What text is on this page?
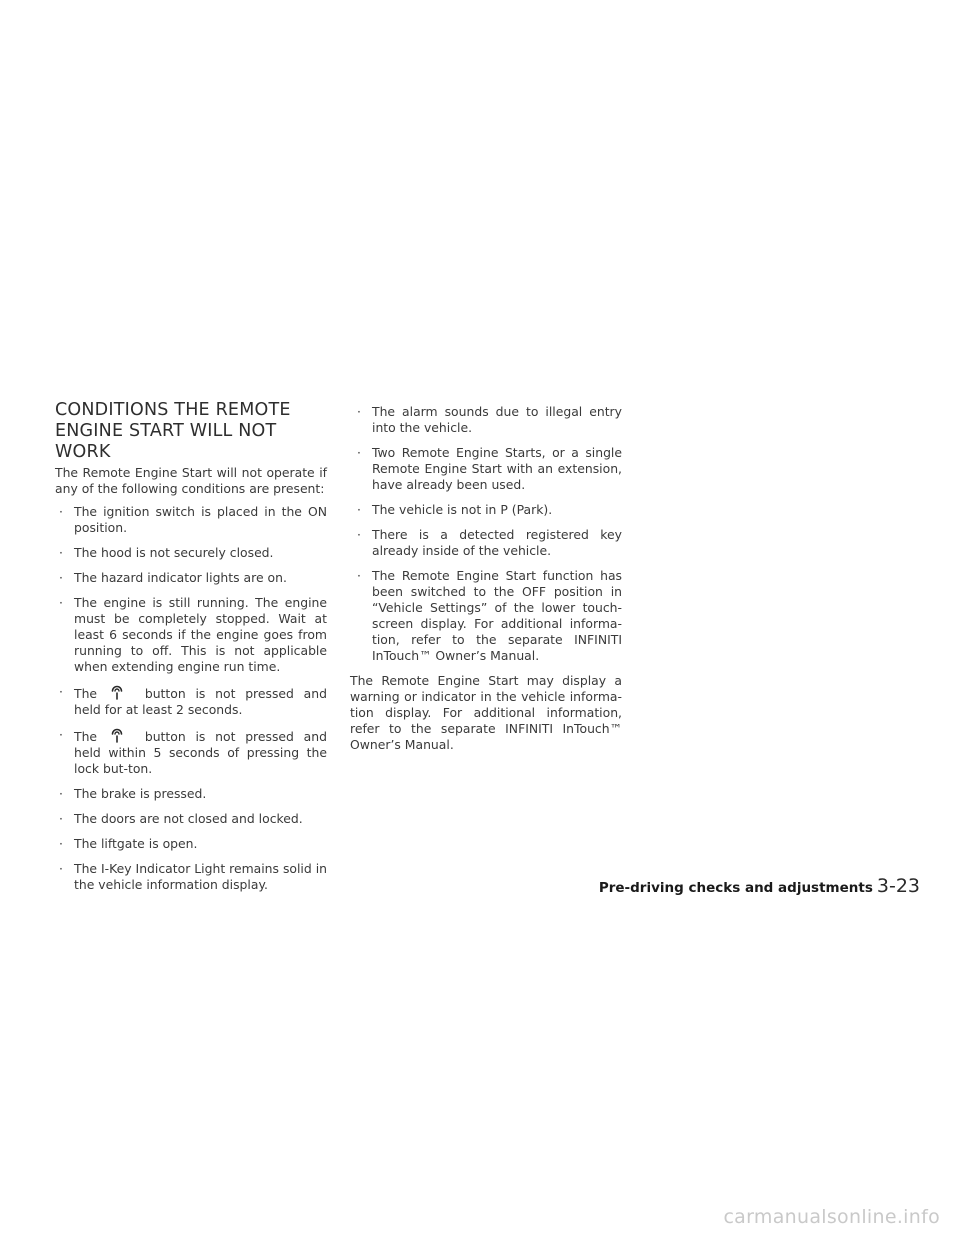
CONDITIONS THE REMOTE
ENGINE START WILL NOT WORK

The Remote Engine Start will not operate if any of the following conditions are present:

· The ignition switch is placed in the ON position.
· The hood is not securely closed.
· The hazard indicator lights are on.
· The engine is still running. The engine must be completely stopped. Wait at least 6 seconds if the engine goes from running to off. This is not applicable when extending engine run time.
· The	button is not pressed and held for at least 2 seconds.
· The	button is not pressed and held within 5 seconds of pressing the lock but-ton.
· The brake is pressed.
· The doors are not closed and locked.
· The liftgate is open.
· The I-Key Indicator Light remains solid in the vehicle information display.
· The alarm sounds due to illegal entry into the vehicle.
· Two Remote Engine Starts, or a single Remote Engine Start with an extension, have already been used.
· The vehicle is not in P (Park).
· There is a detected registered key already inside of the vehicle.
· The Remote Engine Start function has been switched to the OFF position in “Vehicle Settings” of the lower touch-screen display. For additional informa-tion, refer to the separate INFINITI InTouch™ Owner’s Manual.

The Remote Engine Start may display a warning or indicator in the vehicle informa-tion display. For additional information, refer to the separate INFINITI InTouch™ Owner’s Manual.

Pre-driving checks and adjustments 3-23
carmanualsonline.info
